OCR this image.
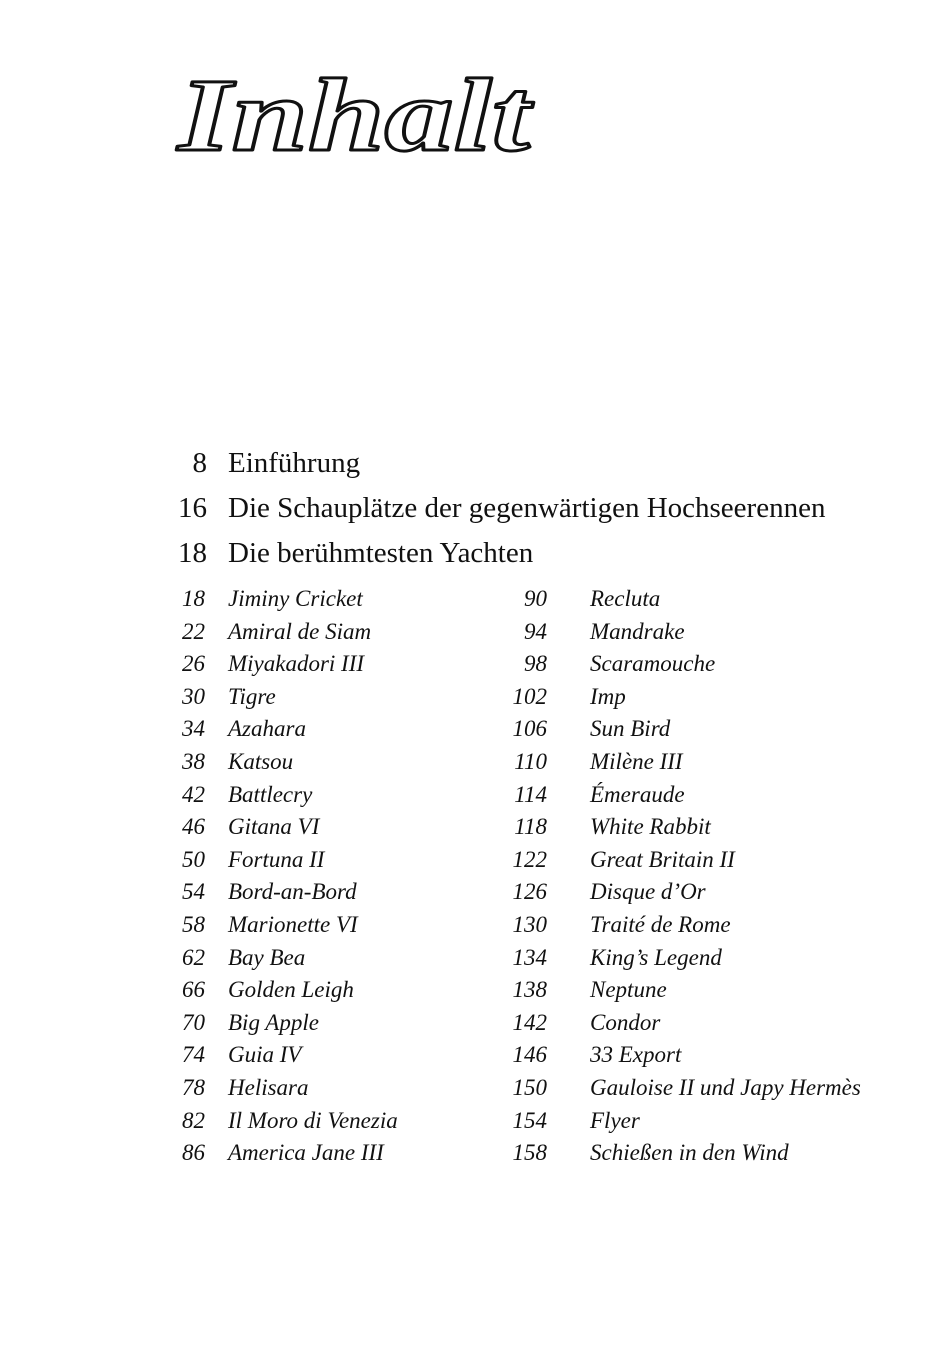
Inhalt
8 Einführung
16 Die Schauplätze der gegenwärtigen Hochseerennen
18 Die berühmtesten Yachten
18 Jiminy Cricket
22 Amiral de Siam
26 Miyakadori III
30 Tigre
34 Azahara
38 Katsou
42 Battlecry
46 Gitana VI
50 Fortuna II
54 Bord-an-Bord
58 Marionette VI
62 Bay Bea
66 Golden Leigh
70 Big Apple
74 Guia IV
78 Helisara
82 Il Moro di Venezia
86 America Jane III
90 Recluta
94 Mandrake
98 Scaramouche
102 Imp
106 Sun Bird
110 Milène III
114 Émeraude
118 White Rabbit
122 Great Britain II
126 Disque d’Or
130 Traité de Rome
134 King’s Legend
138 Neptune
142 Condor
146 33 Export
150 Gauloise II und Japy Hermès
154 Flyer
158 Schießen in den Wind
